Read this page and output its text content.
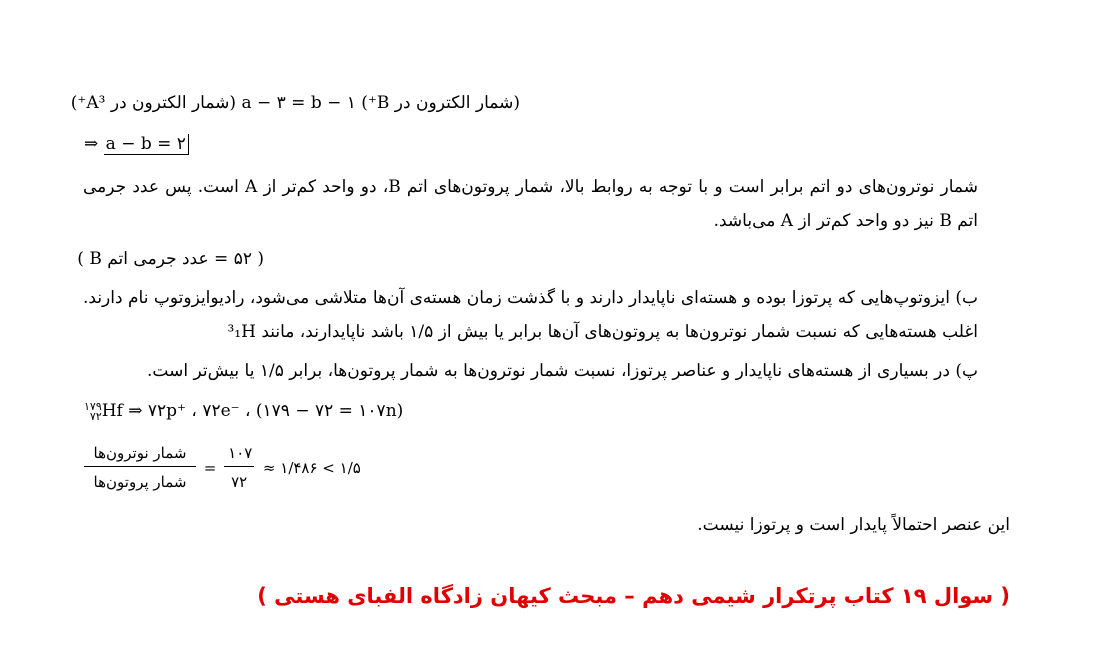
(شمار الکترون در B⁺) a − ۳ = b − ۱ (شمار الکترون در A³⁺)
⇒ a − b = ۲
شمار نوترون‌های دو اتم برابر است و با توجه به روابط بالا، شمار پروتون‌های اتم B، دو واحد کم‌تر از A است. پس عدد جرمی اتم B نیز دو واحد کم‌تر از A می‌باشد.
( ۵۲ = عدد جرمی اتم B )
ب) ایزوتوپ‌هایی که پرتوزا بوده و هسته‌ای ناپایدار دارند و با گذشت زمان هسته‌ی آن‌ها متلاشی می‌شود، رادیوایزوتوپ نام دارند. اغلب هسته‌هایی که نسبت شمار نوترون‌ها به پروتون‌های آن‌ها برابر یا بیش از ۱/۵ باشد ناپایدارند، مانند ³₁H
پ) در بسیاری از هسته‌های ناپایدار و عناصر پرتوزا، نسبت شمار نوترون‌ها به شمار پروتون‌ها، برابر ۱/۵ یا بیش‌تر است.
۱۷۹
۷۲Hf ⇒ ۷۲p⁺ ، ۷۲e⁻ ، (۱۷۹ − ۷۲ = ۱۰۷n)
$\frac{\text{شمار نوترون‌ها}}{\text{شمار پروتون‌ها}} = \frac{۱۰۷}{۷۲}$ ≈ ۱/۴۸۶ < ۱/۵
این عنصر احتمالاً پایدار است و پرتوزا نیست.
( سوال ۱۹ کتاب پرتکرار شیمی دهم – مبحث کیهان زادگاه الفبای هستی )
